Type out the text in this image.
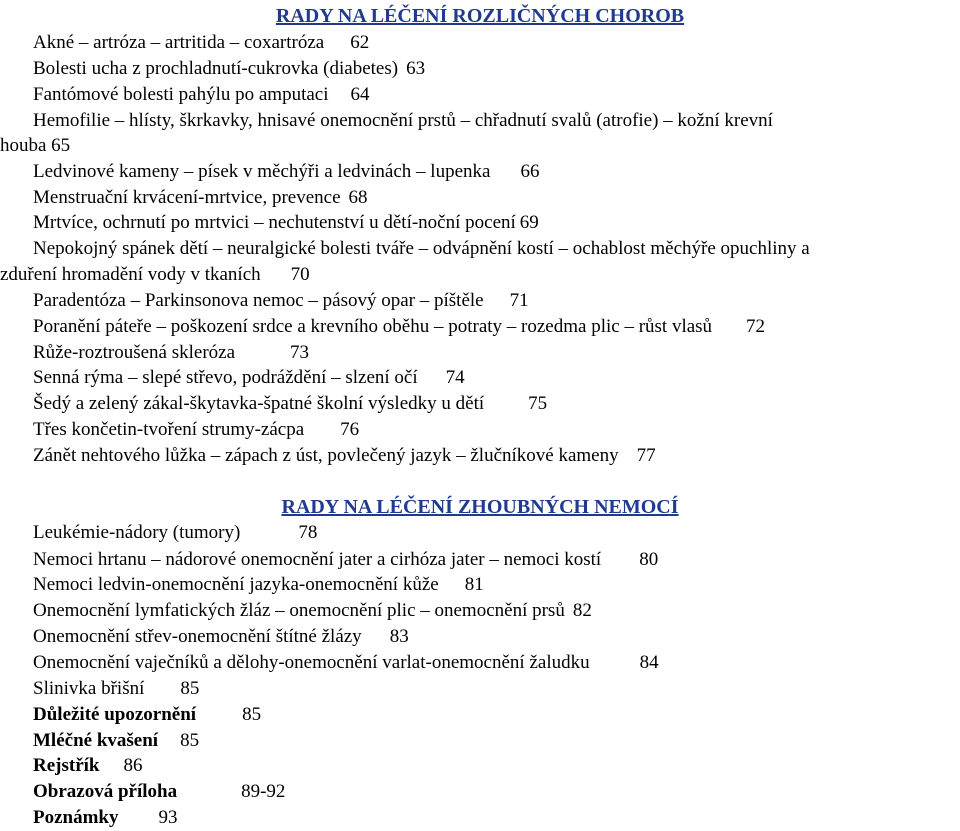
RADY NA LÉČENÍ ROZLIČNÝCH CHOROB
Akné – artróza – artritida – coxartróza 62
Bolesti ucha z prochladnutí-cukrovka (diabetes) 63
Fantómové bolesti pahýlu po amputaci 64
Hemofilie – hlísty, škrkavky, hnisavé onemocnění prstů – chřadnutí svalů (atrofie) – kožní krevní
houba 65
Ledvinové kameny – písek v měchýři a ledvinách – lupenka 66
Menstruační krvácení-mrtvice, prevence 68
Mrtvíce, ochrnutí po mrtvici – nechutenství u dětí-noční pocení 69
Nepokojný spánek dětí – neuralgické bolesti tváře – odvápnění kostí – ochablost měchýře opuchliny a
zduření hromadění vody v tkaních 70
Paradentóza – Parkinsonova nemoc – pásový opar – píštěle 71
Poranění páteře – poškození srdce a krevního oběhu – potraty – rozedma plic – růst vlasů 72
Růže-roztroušená skleróza	73
Senná rýma – slepé střevo, podráždění – slzení očí 74
Šedý a zelený zákal-škytavka-špatné školní výsledky u dětí 75
Třes končetin-tvoření strumy-zácpa 76
Zánět nehtového lůžka – zápach z úst, povlečený jazyk – žlučníkové kameny 77
RADY NA LÉČENÍ ZHOUBNÝCH NEMOCÍ
Leukémie-nádory (tumory)	78
Nemoci hrtanu – nádorové onemocnění jater a cirhóza jater – nemoci kostí 80
Nemoci ledvin-onemocnění jazyka-onemocnění kůže 81
Onemocnění lymfatických žláz – onemocnění plic – onemocnění prsů 82
Onemocnění střev-onemocnění štítné žlázy 83
Onemocnění vaječníků a dělohy-onemocnění varlat-onemocnění žaludku	84
Slinivka břišní 85
Důležité upozornění 85
Mléčné kvašení 85
Rejstřík 86
Obrazová příloha	89-92
Poznámky 93
